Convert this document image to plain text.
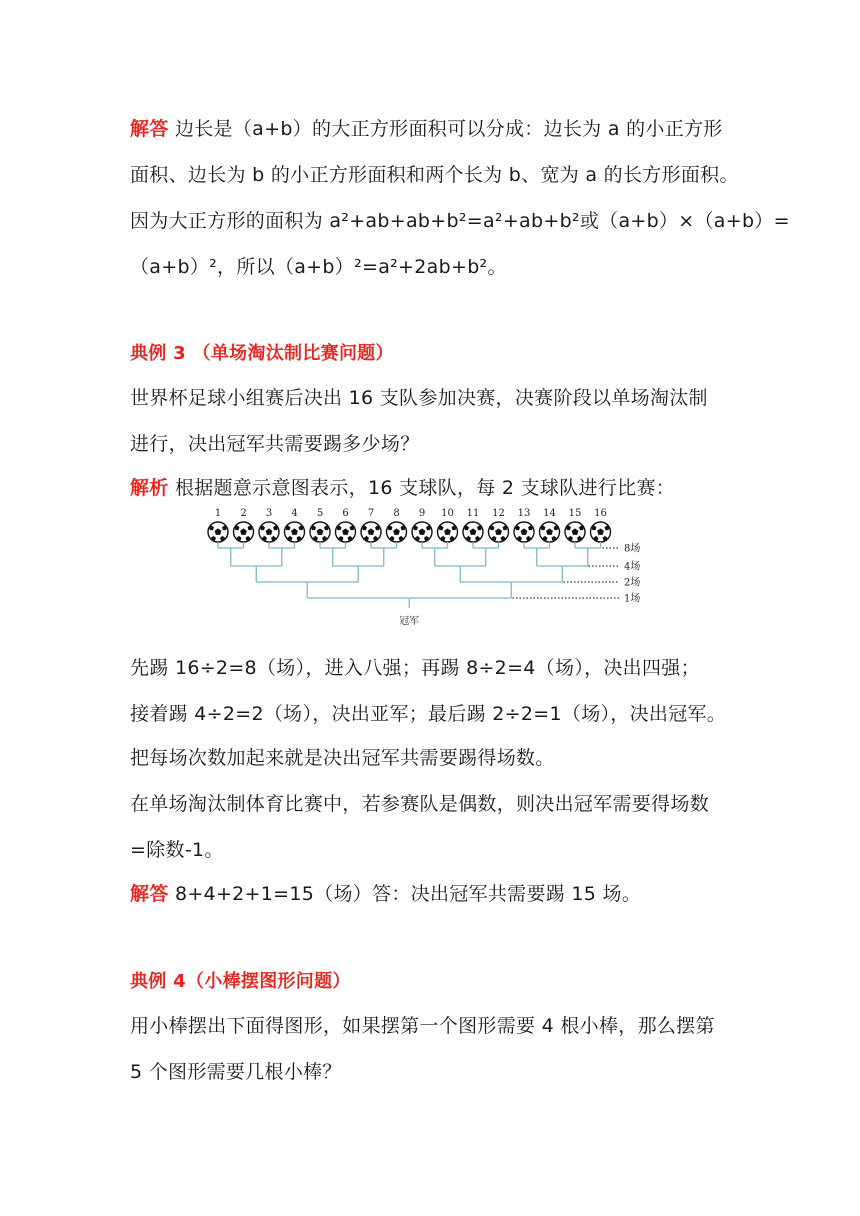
解答 边长是（a+b）的大正方形面积可以分成：边长为 a 的小正方形
面积、边长为 b 的小正方形面积和两个长为 b、宽为 a 的长方形面积。
因为大正方形的面积为 a²+ab+ab+b²=a²+ab+b²或（a+b）×（a+b）=
（a+b）²，所以（a+b）²=a²+2ab+b²。
典例 3 （单场淘汰制比赛问题）
世界杯足球小组赛后决出 16 支队参加决赛，决赛阶段以单场淘汰制
进行，决出冠军共需要踢多少场？
解析 根据题意示意图表示，16 支球队，每 2 支球队进行比赛：
1 2 3 4 5 6 7 8 9 10 11 12 13 14 15 16
8场
4场
2场
1场
冠军
先踢 16÷2=8（场），进入八强；再踢 8÷2=4（场），决出四强；
接着踢 4÷2=2（场），决出亚军；最后踢 2÷2=1（场），决出冠军。
把每场次数加起来就是决出冠军共需要踢得场数。
在单场淘汰制体育比赛中，若参赛队是偶数，则决出冠军需要得场数
=除数-1。
解答 8+4+2+1=15（场）答：决出冠军共需要踢 15 场。
典例 4（小棒摆图形问题）
用小棒摆出下面得图形，如果摆第一个图形需要 4 根小棒，那么摆第
5 个图形需要几根小棒？
